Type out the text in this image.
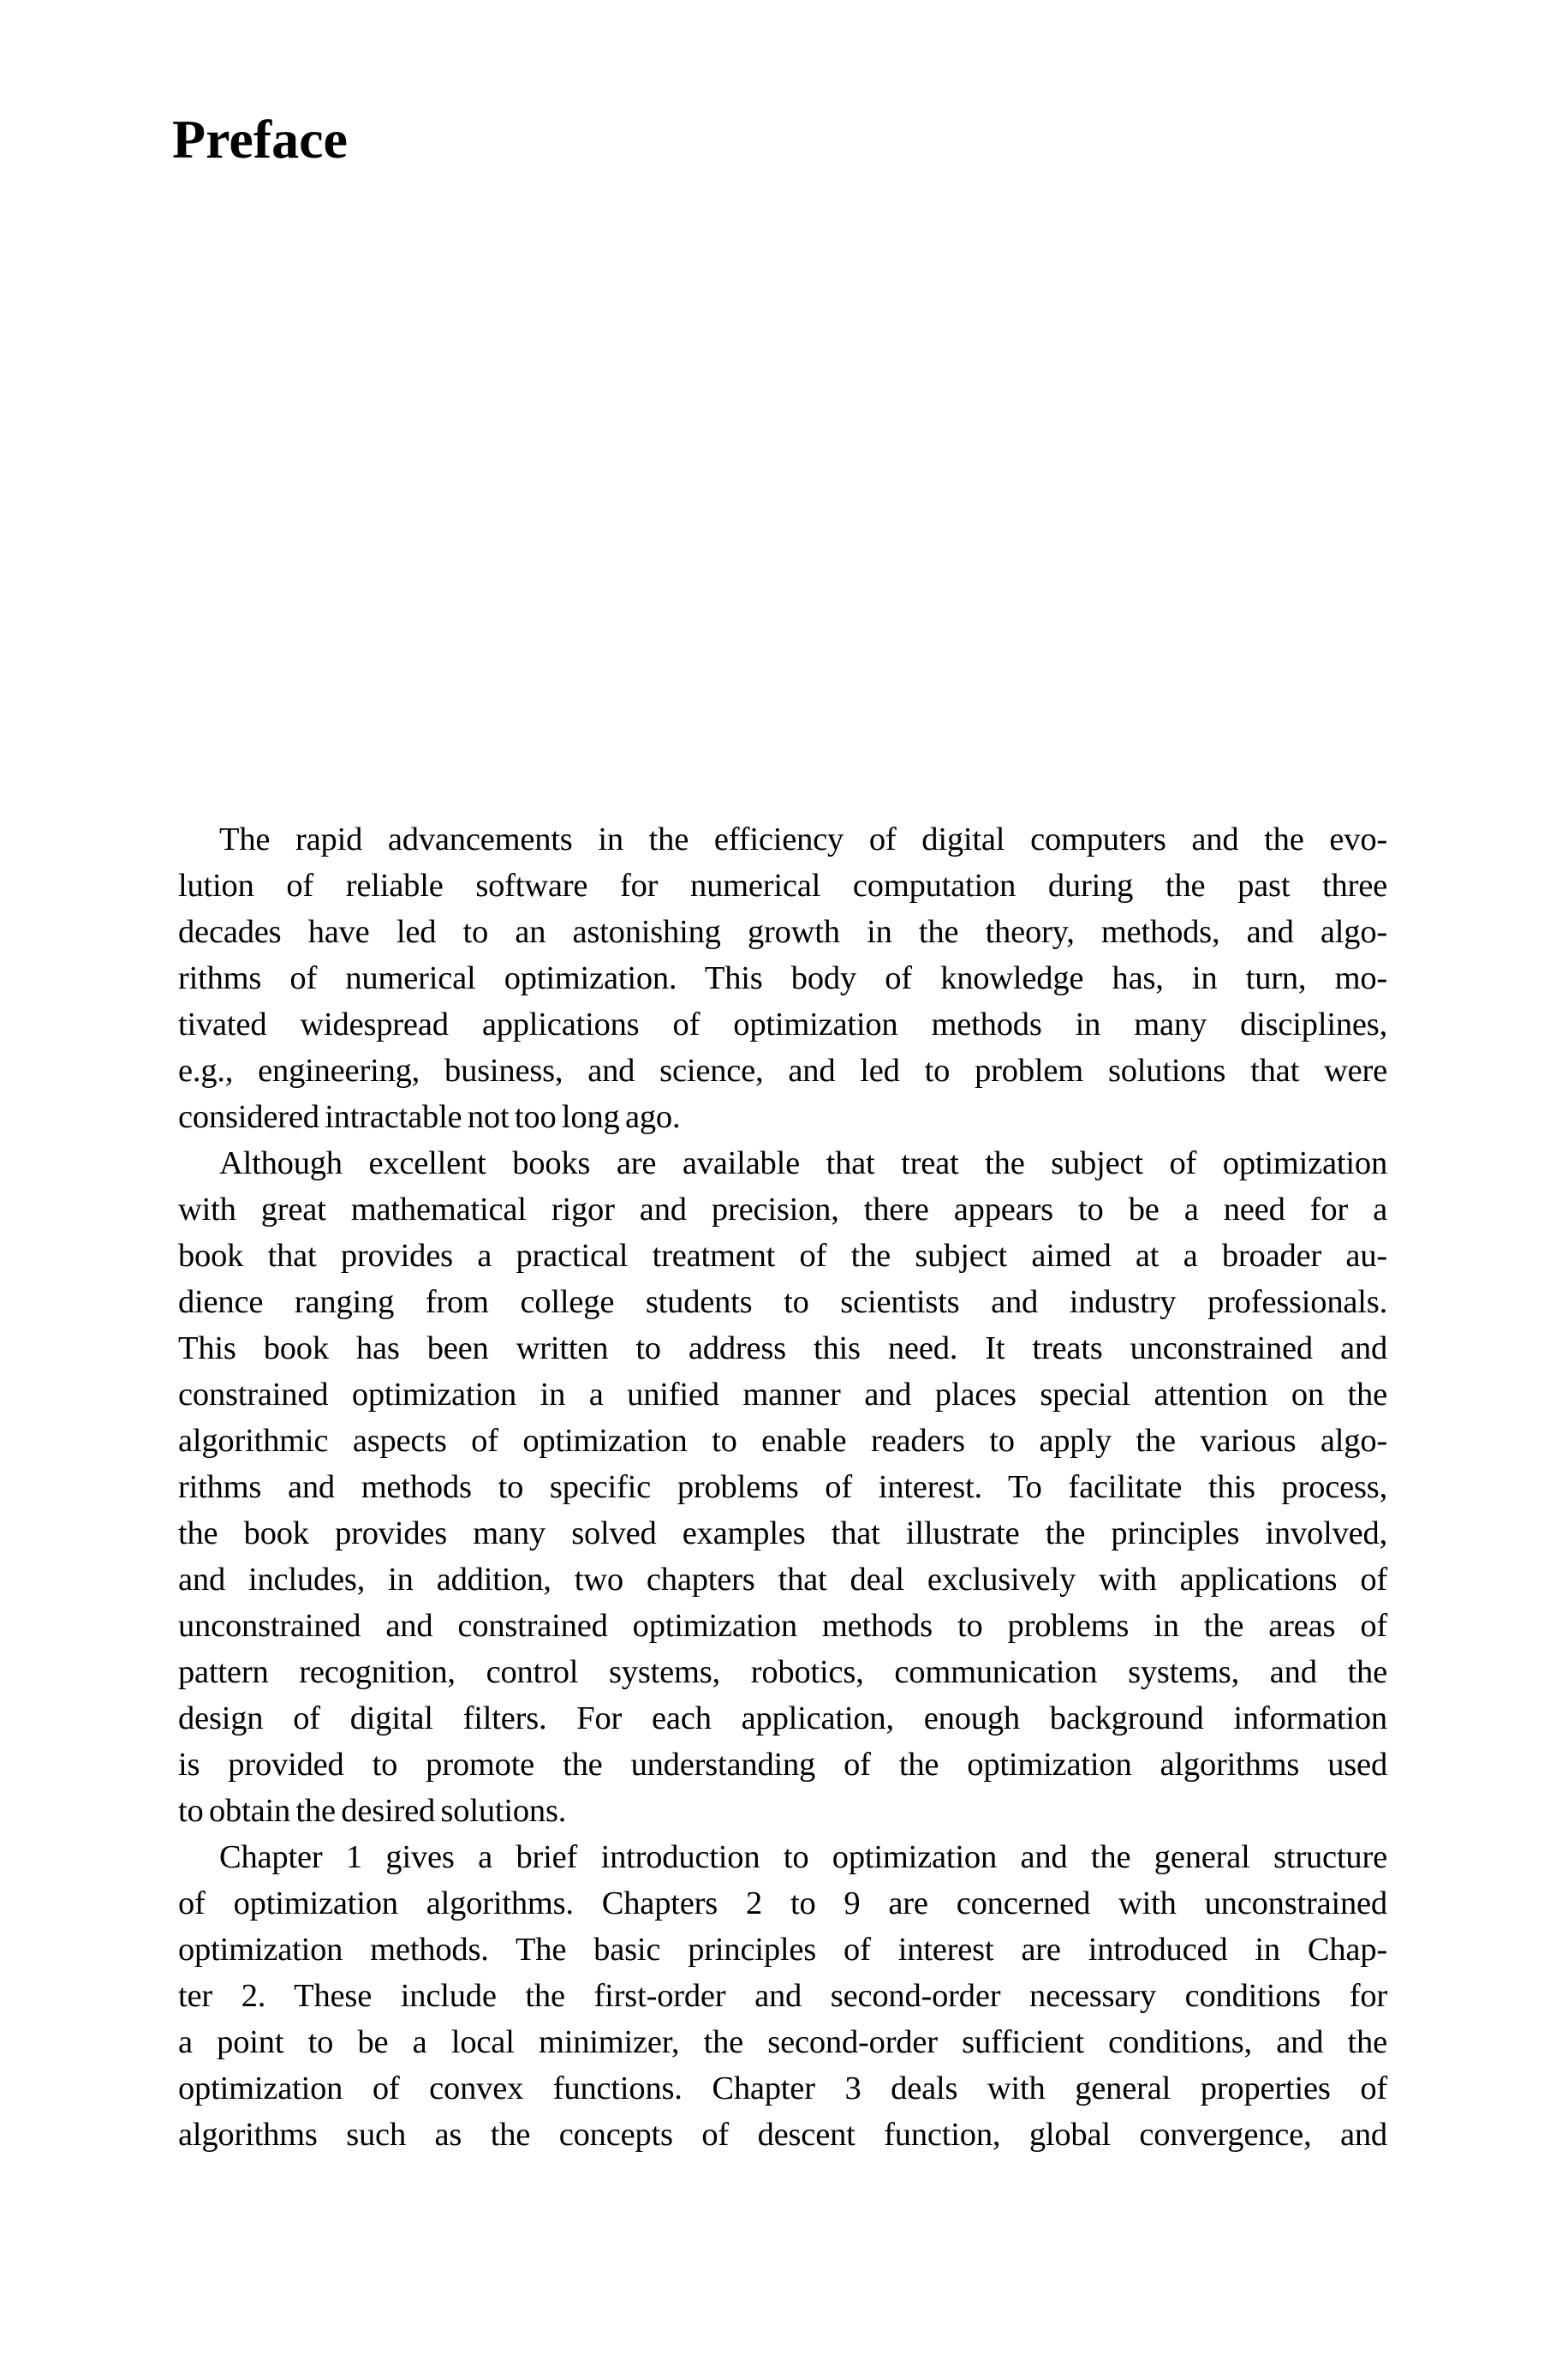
Preface
The rapid advancements in the efficiency of digital computers and the evo-
lution of reliable software for numerical computation during the past three
decades have led to an astonishing growth in the theory, methods, and algo-
rithms of numerical optimization. This body of knowledge has, in turn, mo-
tivated widespread applications of optimization methods in many disciplines,
e.g., engineering, business, and science, and led to problem solutions that were
considered intractable not too long ago.
Although excellent books are available that treat the subject of optimization
with great mathematical rigor and precision, there appears to be a need for a
book that provides a practical treatment of the subject aimed at a broader au-
dience ranging from college students to scientists and industry professionals.
This book has been written to address this need. It treats unconstrained and
constrained optimization in a unified manner and places special attention on the
algorithmic aspects of optimization to enable readers to apply the various algo-
rithms and methods to specific problems of interest. To facilitate this process,
the book provides many solved examples that illustrate the principles involved,
and includes, in addition, two chapters that deal exclusively with applications of
unconstrained and constrained optimization methods to problems in the areas of
pattern recognition, control systems, robotics, communication systems, and the
design of digital filters. For each application, enough background information
is provided to promote the understanding of the optimization algorithms used
to obtain the desired solutions.
Chapter 1 gives a brief introduction to optimization and the general structure
of optimization algorithms. Chapters 2 to 9 are concerned with unconstrained
optimization methods. The basic principles of interest are introduced in Chap-
ter 2. These include the first-order and second-order necessary conditions for
a point to be a local minimizer, the second-order sufficient conditions, and the
optimization of convex functions. Chapter 3 deals with general properties of
algorithms such as the concepts of descent function, global convergence, and
